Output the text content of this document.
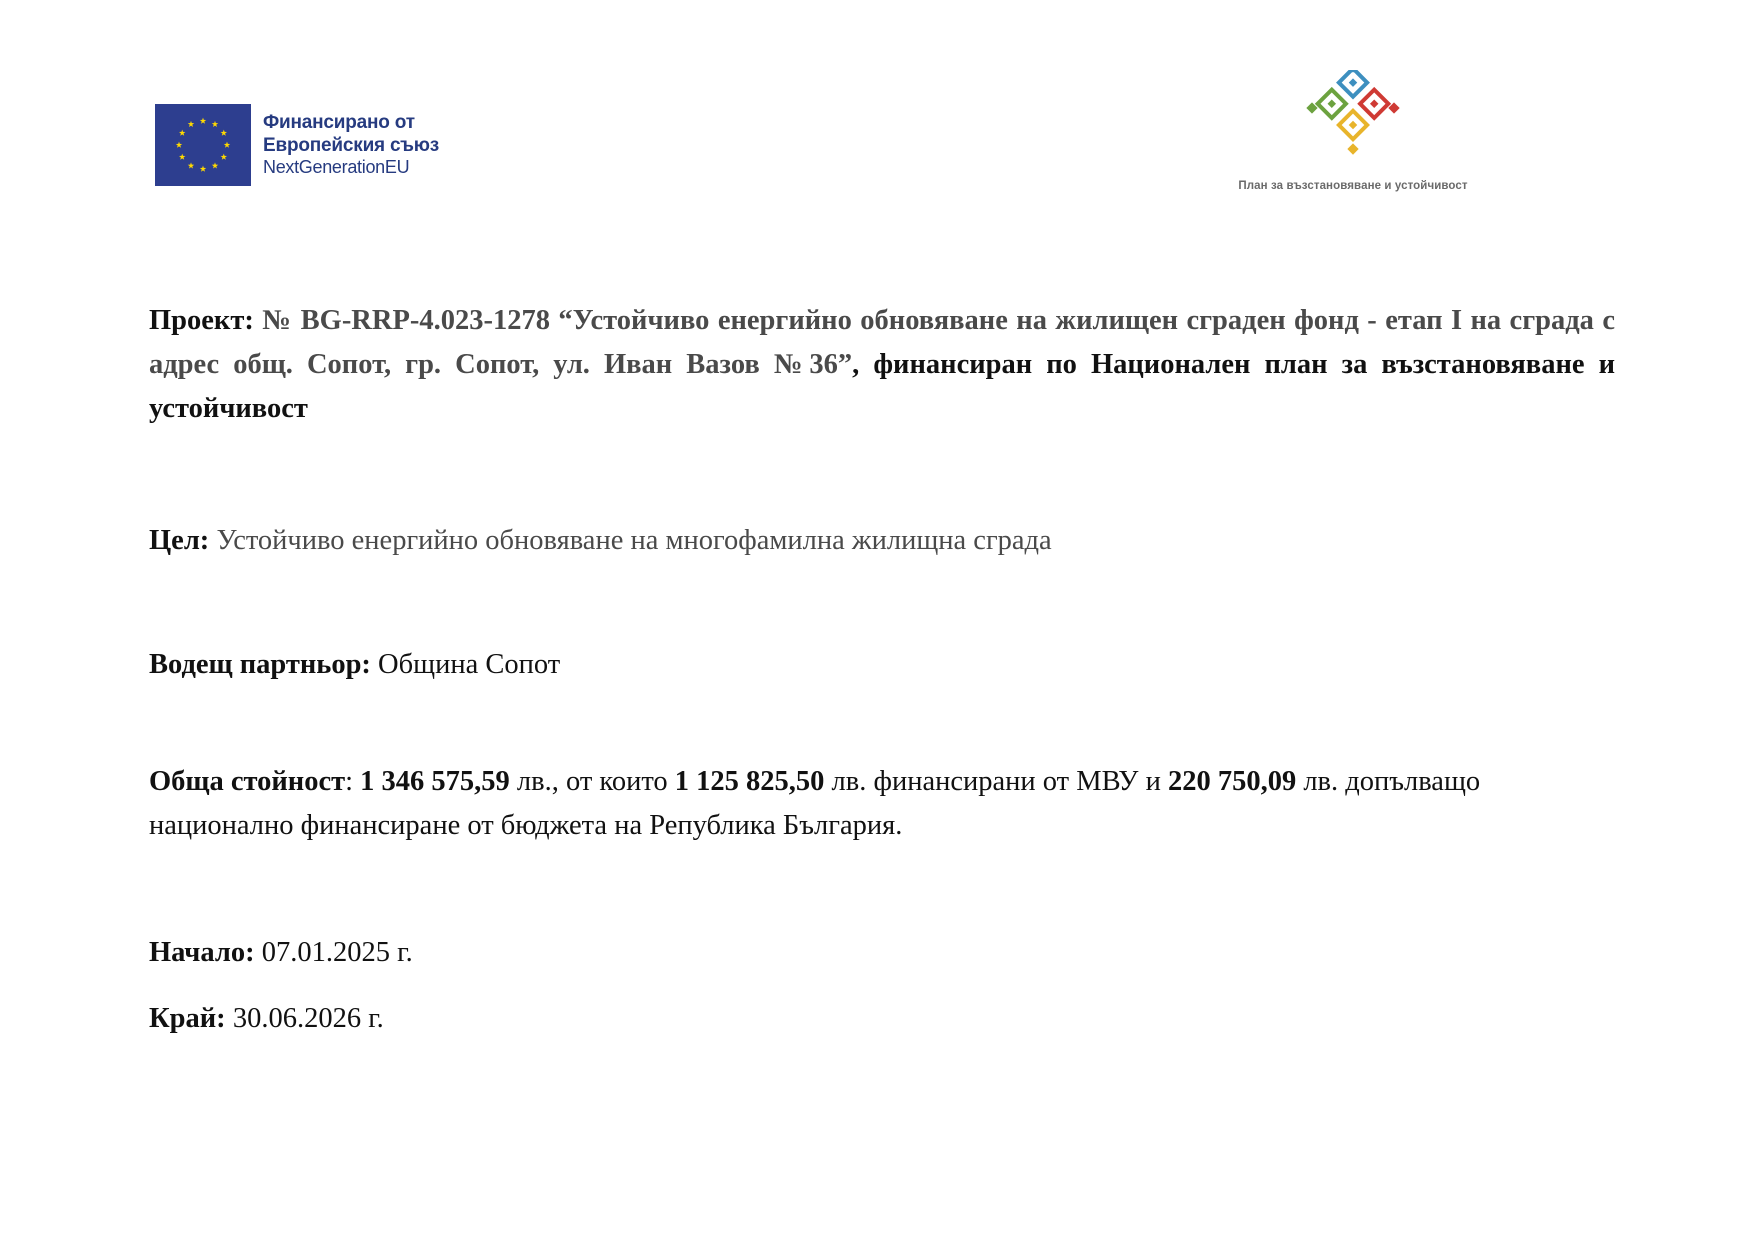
Финансирано от
Европейския съюз
NextGenerationEU
План за възстановяване и устойчивост
Проект: № BG-RRP-4.023-1278 “Устойчиво енергийно обновяване на жилищен сграден фонд - етап I на сграда с адрес общ. Сопот, гр. Сопот, ул. Иван Вазов №36”, финансиран по Национален план за възстановяване и устойчивост
Цел: Устойчиво енергийно обновяване на многофамилна жилищна сграда
Водещ партньор: Община Сопот
Обща стойност: 1 346 575,59 лв., от които 1 125 825,50 лв. финансирани от МВУ и 220 750,09 лв. допълващо национално финансиране от бюджета на Република България.
Начало: 07.01.2025 г.
Край: 30.06.2026 г.
